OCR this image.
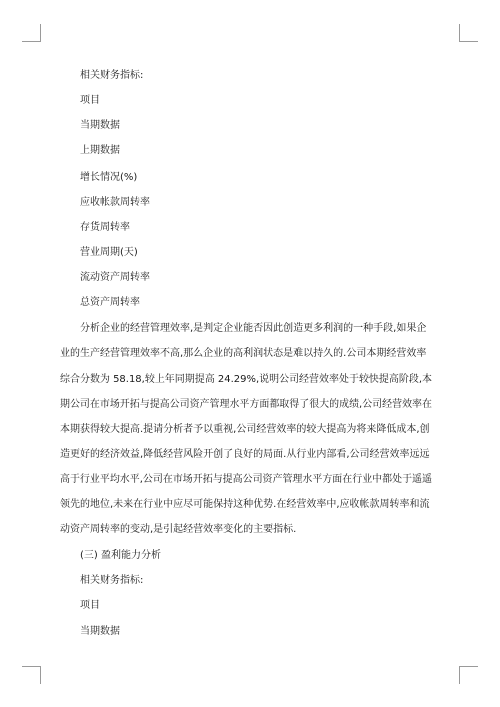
相关财务指标:
项目
当期数据
上期数据
增长情况(%)
应收帐款周转率
存货周转率
营业周期(天)
流动资产周转率
总资产周转率
分析企业的经营管理效率,是判定企业能否因此创造更多利润的一种手段,如果企
业的生产经营管理效率不高,那么企业的高利润状态是难以持久的.公司本期经营效率
综合分数为 58.18,较上年同期提高 24.29%,说明公司经营效率处于较快提高阶段,本
期公司在市场开拓与提高公司资产管理水平方面都取得了很大的成绩,公司经营效率在
本期获得较大提高.提请分析者予以重视,公司经营效率的较大提高为将来降低成本,创
造更好的经济效益,降低经营风险开创了良好的局面.从行业内部看,公司经营效率远远
高于行业平均水平,公司在市场开拓与提高公司资产管理水平方面在行业中都处于遥遥
领先的地位,未来在行业中应尽可能保持这种优势.在经营效率中,应收帐款周转率和流
动资产周转率的变动,是引起经营效率变化的主要指标.
(三) 盈利能力分析
相关财务指标:
项目
当期数据
